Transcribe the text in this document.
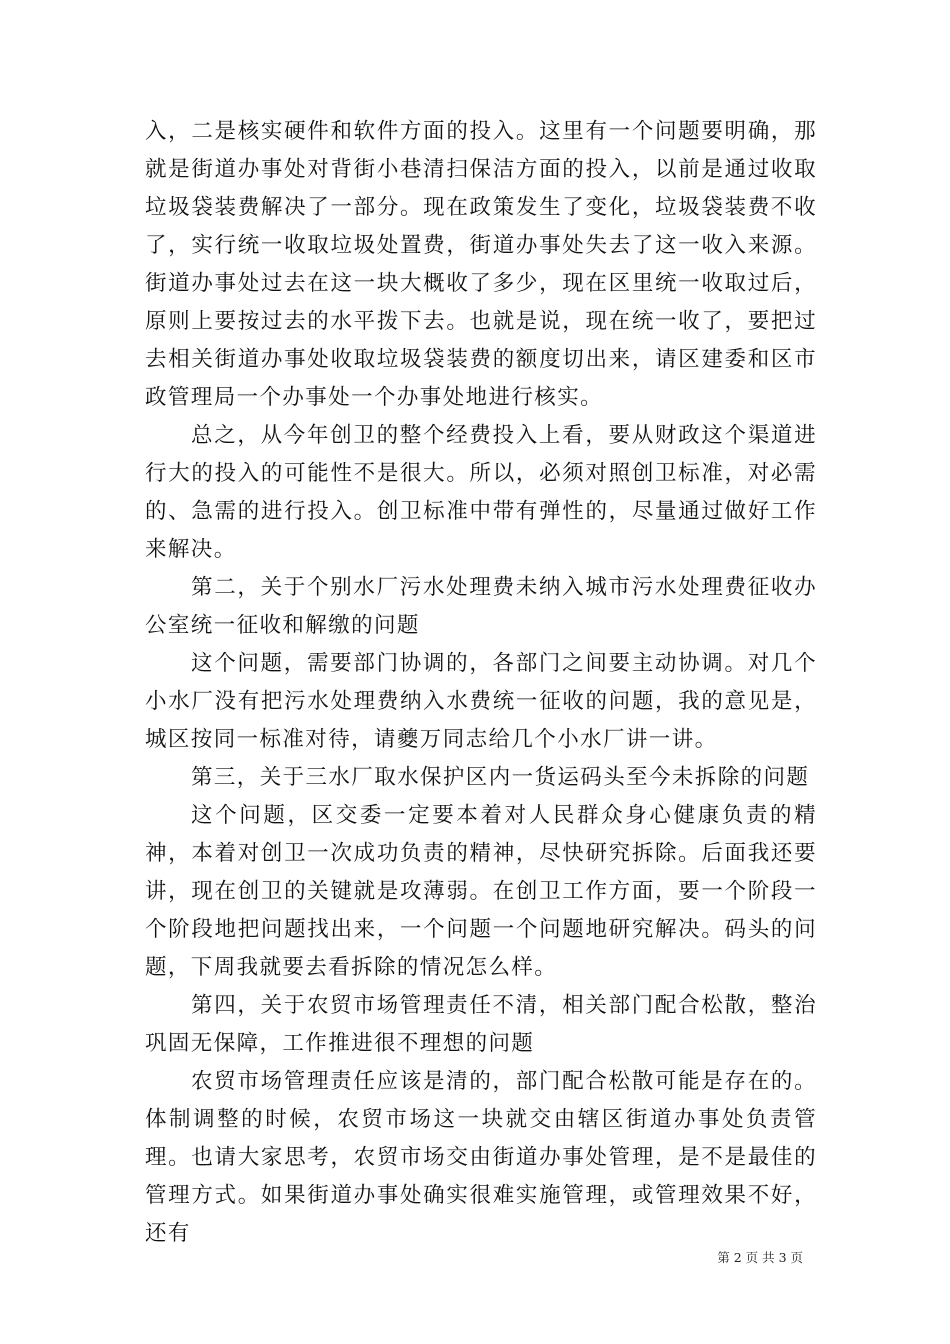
入，二是核实硬件和软件方面的投入。这里有一个问题要明确，那就是街道办事处对背街小巷清扫保洁方面的投入，以前是通过收取垃圾袋装费解决了一部分。现在政策发生了变化，垃圾袋装费不收了，实行统一收取垃圾处置费，街道办事处失去了这一收入来源。街道办事处过去在这一块大概收了多少，现在区里统一收取过后，原则上要按过去的水平拨下去。也就是说，现在统一收了，要把过去相关街道办事处收取垃圾袋装费的额度切出来，请区建委和区市政管理局一个办事处一个办事处地进行核实。

总之，从今年创卫的整个经费投入上看，要从财政这个渠道进行大的投入的可能性不是很大。所以，必须对照创卫标准，对必需的、急需的进行投入。创卫标准中带有弹性的，尽量通过做好工作来解决。

第二，关于个别水厂污水处理费未纳入城市污水处理费征收办公室统一征收和解缴的问题

这个问题，需要部门协调的，各部门之间要主动协调。对几个小水厂没有把污水处理费纳入水费统一征收的问题，我的意见是，城区按同一标准对待，请夔万同志给几个小水厂讲一讲。

第三，关于三水厂取水保护区内一货运码头至今未拆除的问题

这个问题，区交委一定要本着对人民群众身心健康负责的精神，本着对创卫一次成功负责的精神，尽快研究拆除。后面我还要讲，现在创卫的关键就是攻薄弱。在创卫工作方面，要一个阶段一个阶段地把问题找出来，一个问题一个问题地研究解决。码头的问题，下周我就要去看拆除的情况怎么样。

第四，关于农贸市场管理责任不清，相关部门配合松散，整治巩固无保障，工作推进很不理想的问题

农贸市场管理责任应该是清的，部门配合松散可能是存在的。体制调整的时候，农贸市场这一块就交由辖区街道办事处负责管理。也请大家思考，农贸市场交由街道办事处管理，是不是最佳的管理方式。如果街道办事处确实很难实施管理，或管理效果不好，还有

第 2 页 共 3 页
